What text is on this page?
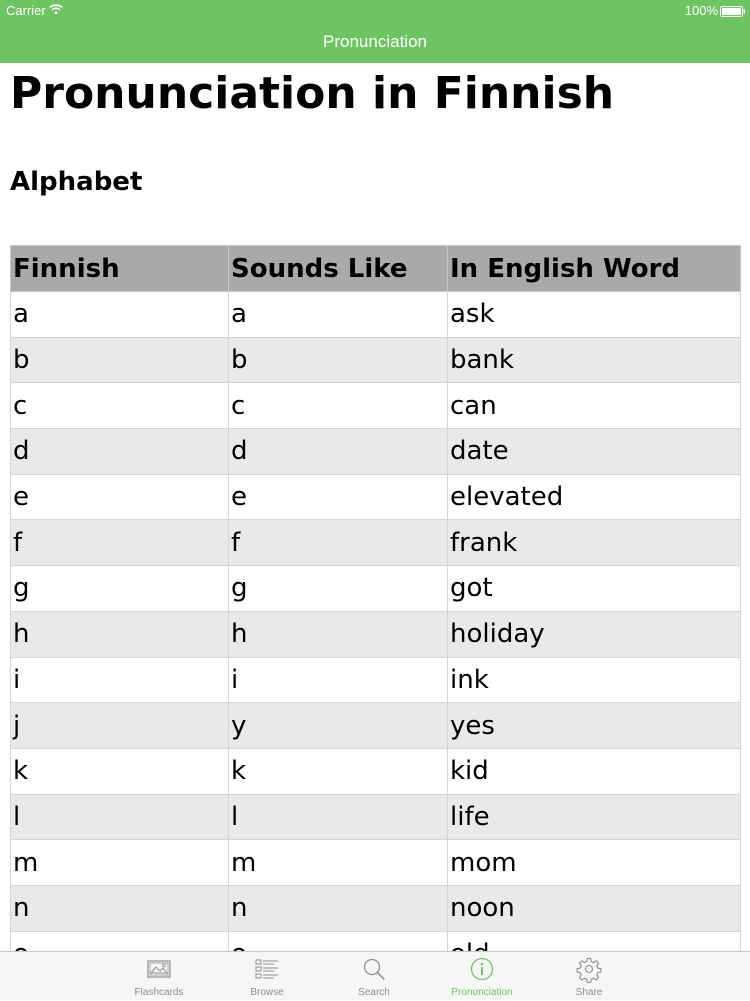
Carrier	100%
Pronunciation
Pronunciation in Finnish
Alphabet
Finnish	Sounds Like	In English Word
a	a	ask
b	b	bank
c	c	can
d	d	date
e	e	elevated
f	f	frank
g	g	got
h	h	holiday
i	i	ink
j	y	yes
k	k	kid
l	l	life
m	m	mom
n	n	noon

Flashcards	Browse	Search	Pronunciation	Share
